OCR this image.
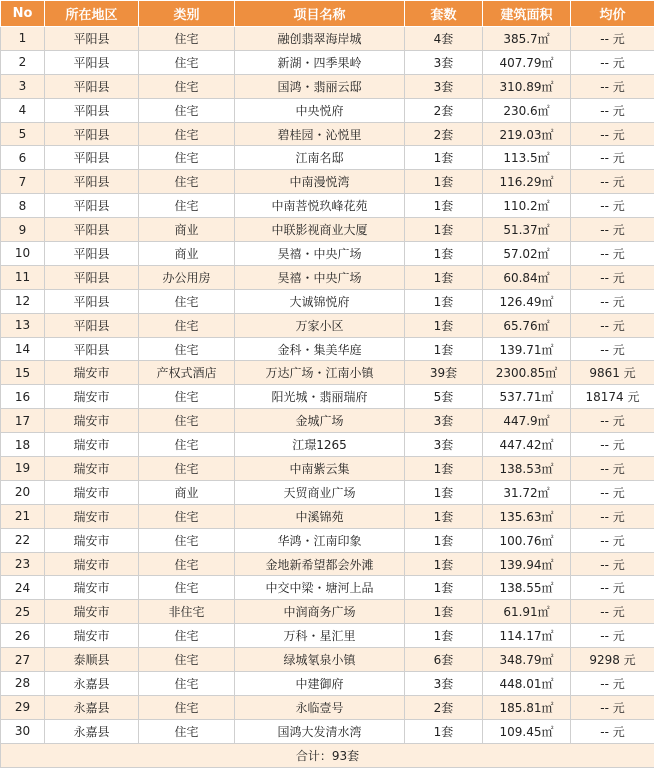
No	所在地区	类别	项目名称	套数	建筑面积	均价
1	平阳县	住宅	融创翡翠海岸城	4套	385.7㎡	-- 元
2	平阳县	住宅	新湖・四季果岭	3套	407.79㎡	-- 元
3	平阳县	住宅	国鸿・翡丽云邸	3套	310.89㎡	-- 元
4	平阳县	住宅	中央悦府	2套	230.6㎡	-- 元
5	平阳县	住宅	碧桂园・沁悦里	2套	219.03㎡	-- 元
6	平阳县	住宅	江南名邸	1套	113.5㎡	-- 元
7	平阳县	住宅	中南漫悦湾	1套	116.29㎡	-- 元
8	平阳县	住宅	中南菩悦玖峰花苑	1套	110.2㎡	-- 元
9	平阳县	商业	中联影视商业大厦	1套	51.37㎡	-- 元
10	平阳县	商业	昊禧・中央广场	1套	57.02㎡	-- 元
11	平阳县	办公用房	昊禧・中央广场	1套	60.84㎡	-- 元
12	平阳县	住宅	大诚锦悦府	1套	126.49㎡	-- 元
13	平阳县	住宅	万家小区	1套	65.76㎡	-- 元
14	平阳县	住宅	金科・集美华庭	1套	139.71㎡	-- 元
15	瑞安市	产权式酒店	万达广场・江南小镇	39套	2300.85㎡	9861 元
16	瑞安市	住宅	阳光城・翡丽瑞府	5套	537.71㎡	18174 元
17	瑞安市	住宅	金城广场	3套	447.9㎡	-- 元
18	瑞安市	住宅	江璟1265	3套	447.42㎡	-- 元
19	瑞安市	住宅	中南紫云集	1套	138.53㎡	-- 元
20	瑞安市	商业	天贸商业广场	1套	31.72㎡	-- 元
21	瑞安市	住宅	中溪锦苑	1套	135.63㎡	-- 元
22	瑞安市	住宅	华鸿・江南印象	1套	100.76㎡	-- 元
23	瑞安市	住宅	金地新希望都会外滩	1套	139.94㎡	-- 元
24	瑞安市	住宅	中交中梁・塘河上品	1套	138.55㎡	-- 元
25	瑞安市	非住宅	中润商务广场	1套	61.91㎡	-- 元
26	瑞安市	住宅	万科・星汇里	1套	114.17㎡	-- 元
27	泰顺县	住宅	绿城氡泉小镇	6套	348.79㎡	9298 元
28	永嘉县	住宅	中建御府	3套	448.01㎡	-- 元
29	永嘉县	住宅	永临壹号	2套	185.81㎡	-- 元
30	永嘉县	住宅	国鸿大发清水湾	1套	109.45㎡	-- 元
合计：93套						
